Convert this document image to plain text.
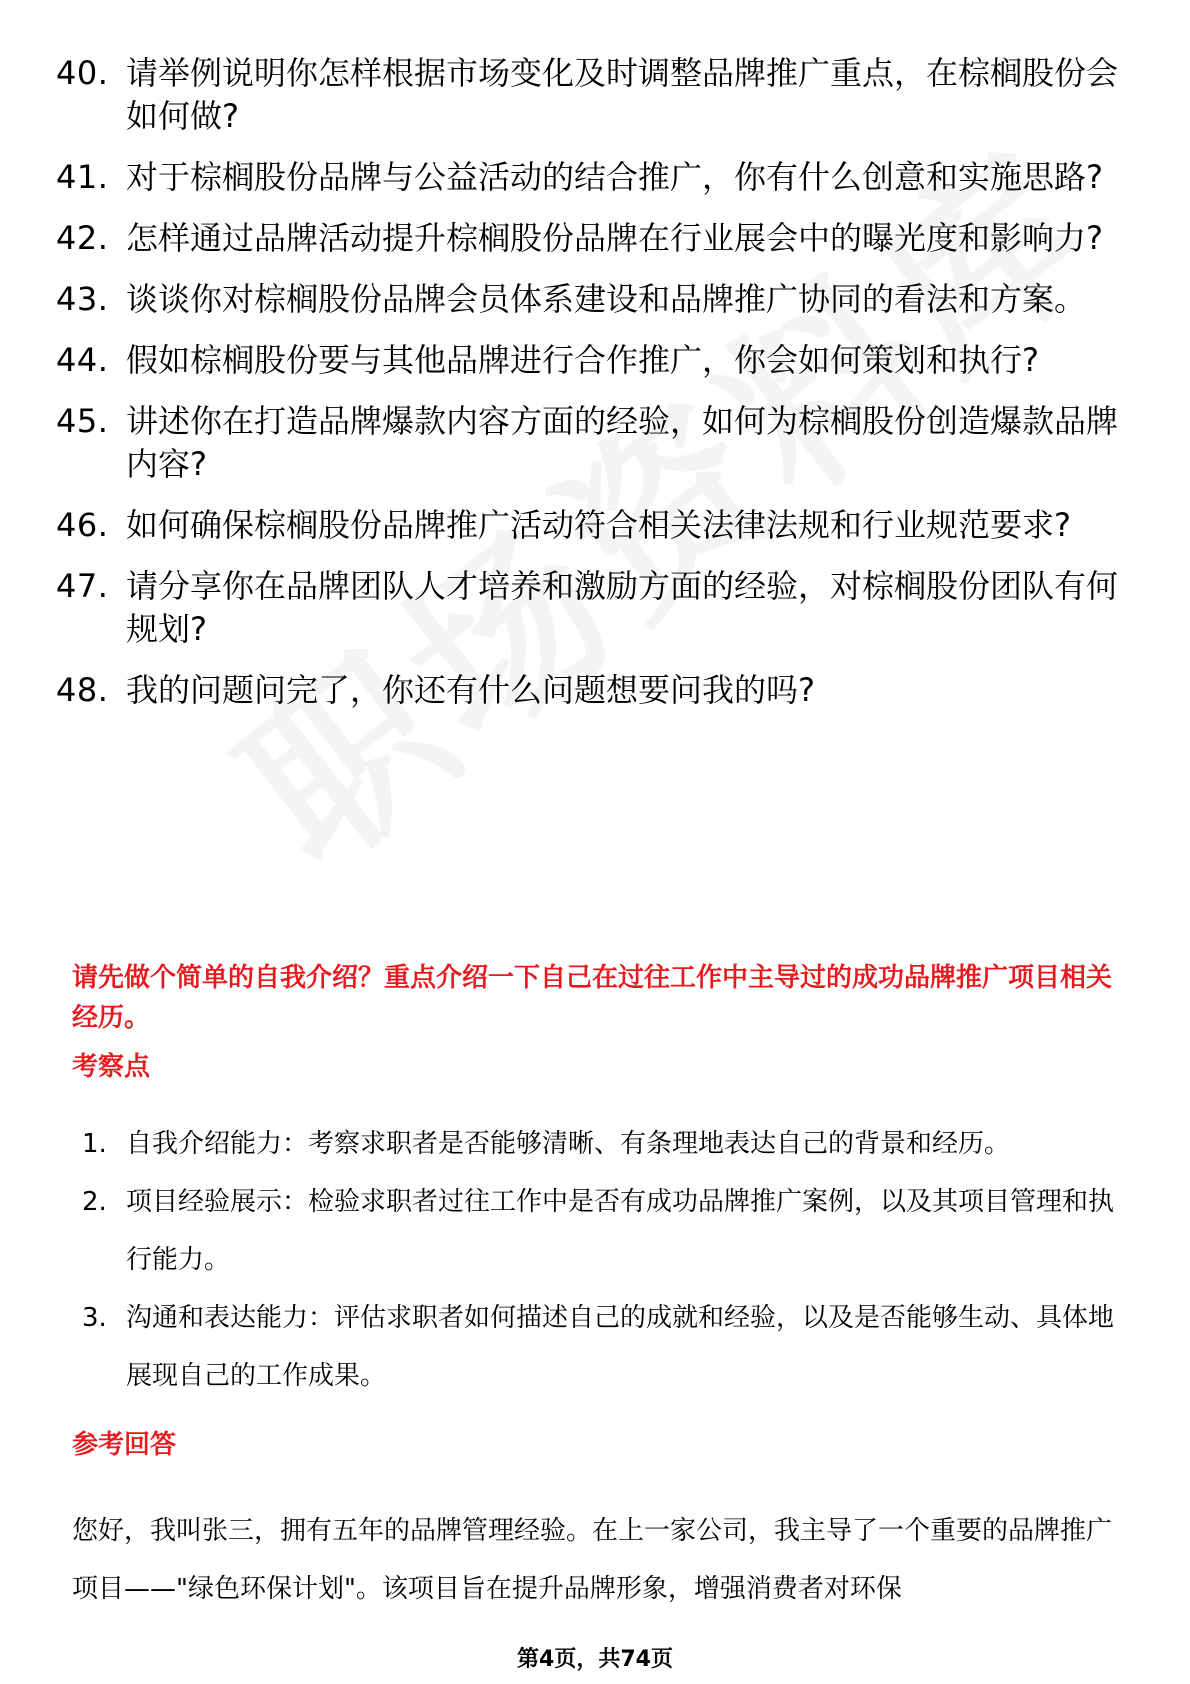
40. 请举例说明你怎样根据市场变化及时调整品牌推广重点，在棕榈股份会如何做?
41. 对于棕榈股份品牌与公益活动的结合推广，你有什么创意和实施思路?
42. 怎样通过品牌活动提升棕榈股份品牌在行业展会中的曝光度和影响力?
43. 谈谈你对棕榈股份品牌会员体系建设和品牌推广协同的看法和方案。
44. 假如棕榈股份要与其他品牌进行合作推广，你会如何策划和执行?
45. 讲述你在打造品牌爆款内容方面的经验，如何为棕榈股份创造爆款品牌内容?
46. 如何确保棕榈股份品牌推广活动符合相关法律法规和行业规范要求?
47. 请分享你在品牌团队人才培养和激励方面的经验，对棕榈股份团队有何规划?
48. 我的问题问完了，你还有什么问题想要问我的吗?
请先做个简单的自我介绍？重点介绍一下自己在过往工作中主导过的成功品牌推广项目相关经历。
考察点
1. 自我介绍能力：考察求职者是否能够清晰、有条理地表达自己的背景和经历。
2. 项目经验展示：检验求职者过往工作中是否有成功品牌推广案例，以及其项目管理和执行能力。
3. 沟通和表达能力：评估求职者如何描述自己的成就和经验，以及是否能够生动、具体地展现自己的工作成果。
参考回答
您好，我叫张三，拥有五年的品牌管理经验。在上一家公司，我主导了一个重要的品牌推广项目——"绿色环保计划"。该项目旨在提升品牌形象，增强消费者对环保
第4页，共74页
